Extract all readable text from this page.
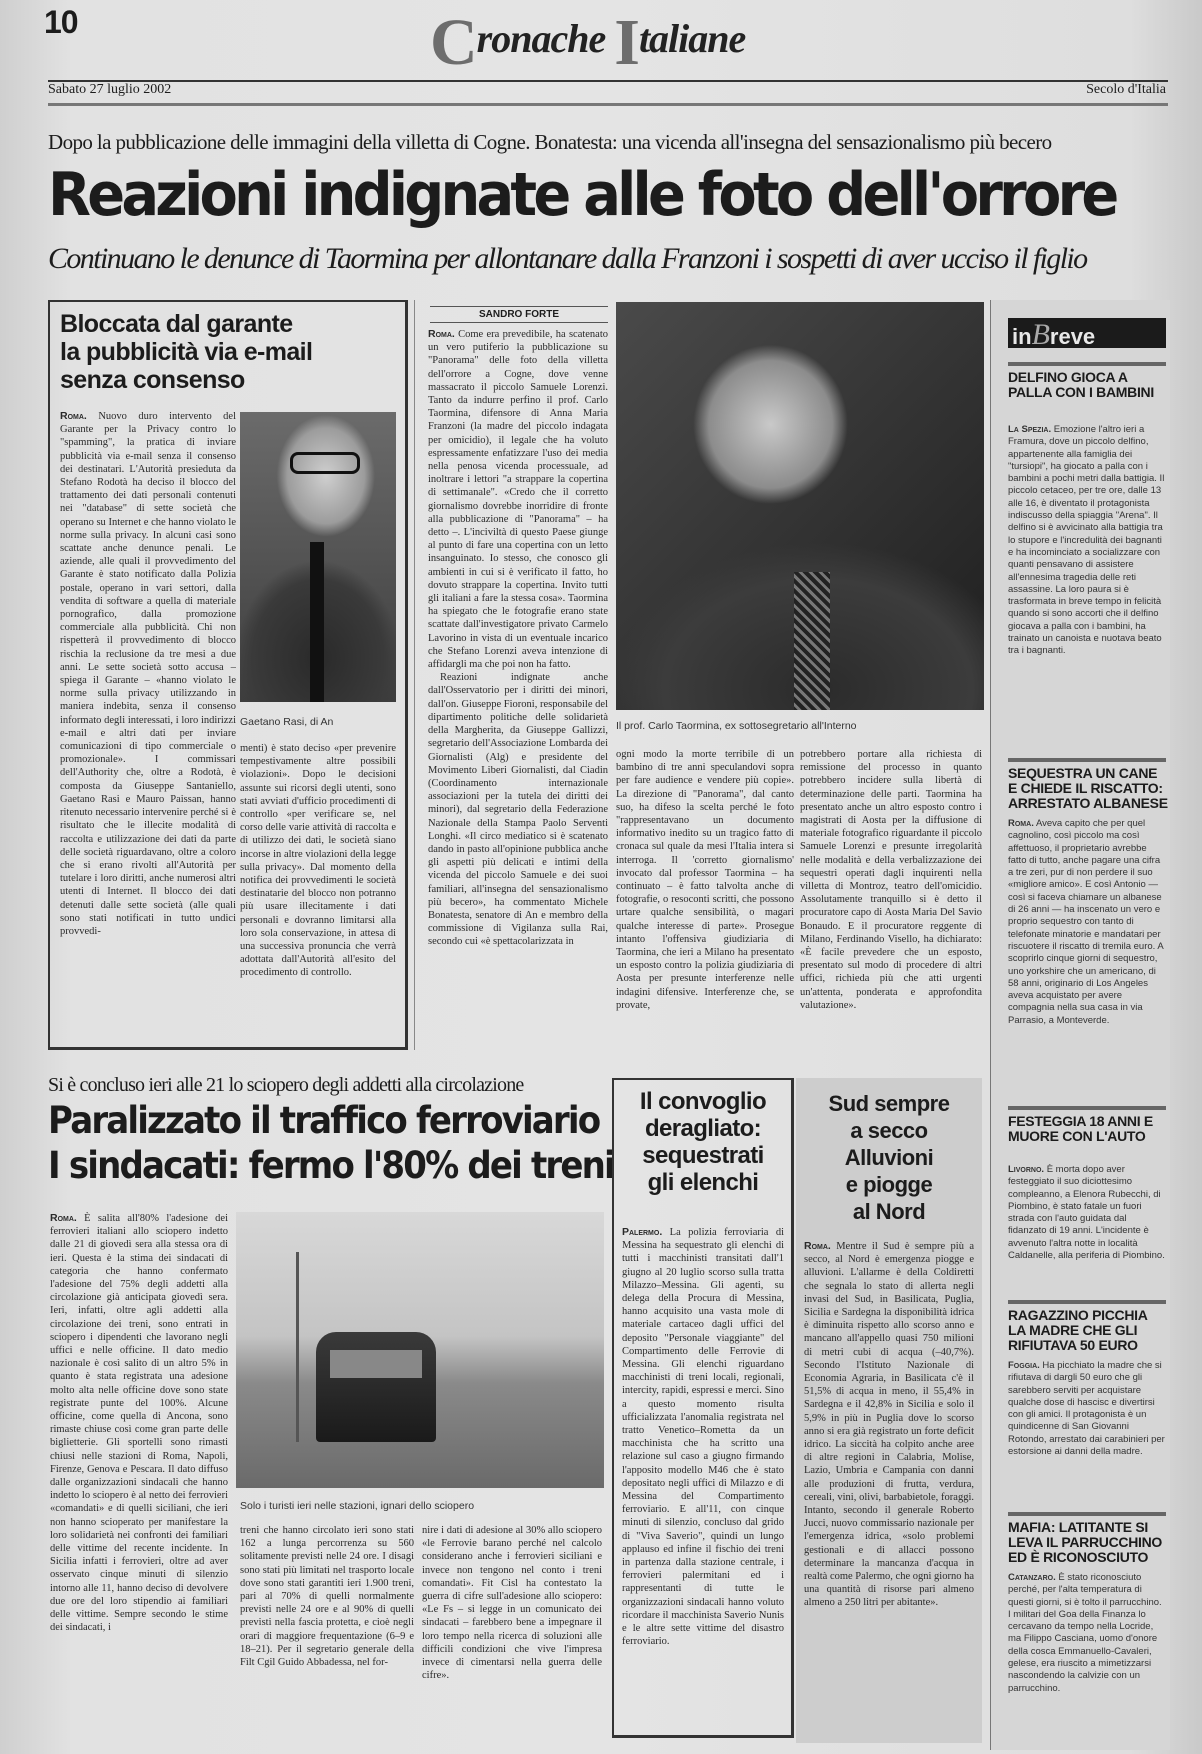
10	Cronache Italiane
Sabato 27 luglio 2002	Secolo d'Italia
Dopo la pubblicazione delle immagini della villetta di Cogne. Bonatesta: una vicenda all'insegna del sensazionalismo più becero
Reazioni indignate alle foto dell'orrore
Continuano le denunce di Taormina per allontanare dalla Franzoni i sospetti di aver ucciso il figlio
Bloccata dal garante
la pubblicità via e-mail
senza consenso

Roma. Nuovo duro intervento del Garante per la Privacy contro lo "spamming", la pratica di inviare pubblicità via e-mail senza il consenso dei destinatari. L'Autorità presieduta da Stefano Rodotà ha deciso il blocco del trattamento dei dati personali contenuti nei "database" di sette società che operano su Internet e che hanno violato le norme sulla privacy. In alcuni casi sono scattate anche denunce penali. Le aziende, alle quali il provvedimento del Garante è stato notificato dalla Polizia postale, operano in vari settori, dalla vendita di software a quella di materiale pornografico, dalla promozione commerciale alla pubblicità. Chi non rispetterà il provvedimento di blocco rischia la reclusione da tre mesi a due anni. Le sette società sotto accusa – spiega il Garante – «hanno violato le norme sulla privacy utilizzando in maniera indebita, senza il consenso informato degli interessati, i loro indirizzi e-mail e altri dati per inviare comunicazioni di tipo commerciale o promozionale». I commissari dell'Authority che, oltre a Rodotà, è composta da Giuseppe Santaniello, Gaetano Rasi e Mauro Paissan, hanno ritenuto necessario intervenire perché si è risultato che le illecite modalità di raccolta e utilizzazione dei dati da parte delle società riguardavano, oltre a coloro che si erano rivolti all'Autorità per tutelare i loro diritti, anche numerosi altri utenti di Internet. Il blocco dei dati detenuti dalle sette società (alle quali sono stati notificati in tutto undici provvedi-

Gaetano Rasi, di An
menti) è stato deciso «per prevenire tempestivamente altre possibili violazioni». Dopo le decisioni assunte sui ricorsi degli utenti, sono stati avviati d'ufficio procedimenti di controllo «per verificare se, nel corso delle varie attività di raccolta e di utilizzo dei dati, le società siano incorse in altre violazioni della legge sulla privacy». Dal momento della notifica dei provvedimenti le società destinatarie del blocco non potranno più usare illecitamente i dati personali e dovranno limitarsi alla loro sola conservazione, in attesa di una successiva pronuncia che verrà adottata dall'Autorità all'esito del procedimento di controllo.
SANDRO FORTE

Roma. Come era prevedibile, ha scatenato un vero putiferio la pubblicazione su "Panorama" delle foto della villetta dell'orrore a Cogne, dove venne massacrato il piccolo Samuele Lorenzi. Tanto da indurre perfino il prof. Carlo Taormina, difensore di Anna Maria Franzoni (la madre del piccolo indagata per omicidio), il legale che ha voluto espressamente enfatizzare l'uso dei media nella penosa vicenda processuale, ad inoltrare i lettori "a strappare la copertina di settimanale". «Credo che il corretto giornalismo dovrebbe inorridire di fronte alla pubblicazione di "Panorama" – ha detto –. L'inciviltà di questo Paese giunge al punto di fare una copertina con un letto insanguinato. Io stesso, che conosco gli ambienti in cui si è verificato il fatto, ho dovuto strappare la copertina. Invito tutti gli italiani a fare la stessa cosa». Taormina ha spiegato che le fotografie erano state scattate dall'investigatore privato Carmelo Lavorino in vista di un eventuale incarico che Stefano Lorenzi aveva intenzione di affidargli ma che poi non ha fatto.

Reazioni indignate anche dall'Osservatorio per i diritti dei minori, dall'on. Giuseppe Fioroni, responsabile del dipartimento politiche delle solidarietà della Margherita, da Giuseppe Gallizzi, segretario dell'Associazione Lombarda dei Giornalisti (Alg) e presidente del Movimento Liberi Giornalisti, dal Ciadin (Coordinamento internazionale associazioni per la tutela dei diritti dei minori), dal segretario della Federazione Nazionale della Stampa Paolo Serventi Longhi. «Il circo mediatico si è scatenato dando in pasto all'opinione pubblica anche gli aspetti più delicati e intimi della vicenda del piccolo Samuele e dei suoi familiari, all'insegna del sensazionalismo più becero», ha commentato Michele Bonatesta, senatore di An e membro della commissione di Vigilanza sulla Rai, secondo cui «è spettacolarizzata in

Il prof. Carlo Taormina, ex sottosegretario all'Interno
ogni modo la morte terribile di un bambino di tre anni speculandovi sopra per fare audience e vendere più copie». La direzione di "Panorama", dal canto suo, ha difeso la scelta perché le foto "rappresentavano un documento informativo inedito su un tragico fatto di cronaca sul quale da mesi l'Italia intera si interroga. Il 'corretto giornalismo' invocato dal professor Taormina – ha continuato – è fatto talvolta anche di fotografie, o resoconti scritti, che possono urtare qualche sensibilità, o magari qualche interesse di parte». Prosegue intanto l'offensiva giudiziaria di Taormina, che ieri a Milano ha presentato un esposto contro la polizia giudiziaria di Aosta per presunte interferenze nelle indagini difensive. Interferenze che, se provate,
potrebbero portare alla richiesta di remissione del processo in quanto potrebbero incidere sulla libertà di determinazione delle parti. Taormina ha presentato anche un altro esposto contro i magistrati di Aosta per la diffusione di materiale fotografico riguardante il piccolo Samuele Lorenzi e presunte irregolarità nelle modalità e della verbalizzazione dei sequestri operati dagli inquirenti nella villetta di Montroz, teatro dell'omicidio. Assolutamente tranquillo si è detto il procuratore capo di Aosta Maria Del Savio Bonaudo. E il procuratore reggente di Milano, Ferdinando Visello, ha dichiarato: «È facile prevedere che un esposto, presentato sul modo di procedere di altri uffici, richieda più che atti urgenti un'attenta, ponderata e approfondita valutazione».
inBreve
DELFINO GIOCA A PALLA CON I BAMBINI
La Spezia. Emozione l'altro ieri a Framura, dove un piccolo delfino, appartenente alla famiglia dei "tursiopi", ha giocato a palla con i bambini a pochi metri dalla battigia. Il piccolo cetaceo, per tre ore, dalle 13 alle 16, è diventato il protagonista indiscusso della spiaggia "Arena". Il delfino si è avvicinato alla battigia tra lo stupore e l'incredulità dei bagnanti e ha incominciato a socializzare con quanti pensavano di assistere all'ennesima tragedia delle reti assassine. La loro paura si è trasformata in breve tempo in felicità quando si sono accorti che il delfino giocava a palla con i bambini, ha trainato un canoista e nuotava beato tra i bagnanti.
SEQUESTRA UN CANE E CHIEDE IL RISCATTO: ARRESTATO ALBANESE
Roma. Aveva capito che per quel cagnolino, così piccolo ma così affettuoso, il proprietario avrebbe fatto di tutto, anche pagare una cifra a tre zeri, pur di non perdere il suo «migliore amico». E così Antonio — così si faceva chiamare un albanese di 26 anni — ha inscenato un vero e proprio sequestro con tanto di telefonate minatorie e mandatari per riscuotere il riscatto di tremila euro. A scoprirlo cinque giorni di sequestro, uno yorkshire che un americano, di 58 anni, originario di Los Angeles aveva acquistato per avere compagnia nella sua casa in via Parrasio, a Monteverde.
FESTEGGIA 18 ANNI E MUORE CON L'AUTO
Livorno. È morta dopo aver festeggiato il suo diciottesimo compleanno, a Elenora Rubecchi, di Piombino, è stato fatale un fuori strada con l'auto guidata dal fidanzato di 19 anni. L'incidente è avvenuto l'altra notte in località Caldanelle, alla periferia di Piombino.
RAGAZZINO PICCHIA LA MADRE CHE GLI RIFIUTAVA 50 EURO
Foggia. Ha picchiato la madre che si rifiutava di dargli 50 euro che gli sarebbero serviti per acquistare qualche dose di hascisc e divertirsi con gli amici. Il protagonista è un quindicenne di San Giovanni Rotondo, arrestato dai carabinieri per estorsione ai danni della madre.
MAFIA: LATITANTE SI LEVA IL PARRUCCHINO ED È RICONOSCIUTO
Catanzaro. È stato riconosciuto perché, per l'alta temperatura di questi giorni, si è tolto il parrucchino. I militari del Goa della Finanza lo cercavano da tempo nella Locride, ma Filippo Casciana, uomo d'onore della cosca Emmanuello-Cavaleri, gelese, era riuscito a mimetizzarsi nascondendo la calvizie con un parrucchino.
Si è concluso ieri alle 21 lo sciopero degli addetti alla circolazione
Paralizzato il traffico ferroviario
I sindacati: fermo l'80% dei treni

Roma. È salita all'80% l'adesione dei ferrovieri italiani allo sciopero indetto dalle 21 di giovedì sera alla stessa ora di ieri. Questa è la stima dei sindacati di categoria che hanno confermato l'adesione del 75% degli addetti alla circolazione già anticipata giovedì sera. Ieri, infatti, oltre agli addetti alla circolazione dei treni, sono entrati in sciopero i dipendenti che lavorano negli uffici e nelle officine. Il dato medio nazionale è così salito di un altro 5% in quanto è stata registrata una adesione molto alta nelle officine dove sono state registrate punte del 100%. Alcune officine, come quella di Ancona, sono rimaste chiuse così come gran parte delle biglietterie. Gli sportelli sono rimasti chiusi nelle stazioni di Roma, Napoli, Firenze, Genova e Pescara. Il dato diffuso dalle organizzazioni sindacali che hanno indetto lo sciopero è al netto dei ferrovieri «comandati» e di quelli siciliani, che ieri non hanno scioperato per manifestare la loro solidarietà nei confronti dei familiari delle vittime del recente incidente. In Sicilia infatti i ferrovieri, oltre ad aver osservato cinque minuti di silenzio intorno alle 11, hanno deciso di devolvere due ore del loro stipendio ai familiari delle vittime. Sempre secondo le stime dei sindacati, i

Solo i turisti ieri nelle stazioni, ignari dello sciopero
treni che hanno circolato ieri sono stati 162 a lunga percorrenza su 560 solitamente previsti nelle 24 ore. I disagi sono stati più limitati nel trasporto locale dove sono stati garantiti ieri 1.900 treni, pari al 70% di quelli normalmente previsti nelle 24 ore e al 90% di quelli previsti nella fascia protetta, e cioè negli orari di maggiore frequentazione (6–9 e 18–21). Per il segretario generale della Filt Cgil Guido Abbadessa, nel for-
nire i dati di adesione al 30% allo sciopero «le Ferrovie barano perché nel calcolo considerano anche i ferrovieri siciliani e invece non tengono nel conto i treni comandati». Fit Cisl ha contestato la guerra di cifre sull'adesione allo sciopero: «Le Fs – si legge in un comunicato dei sindacati – farebbero bene a impegnare il loro tempo nella ricerca di soluzioni alle difficili condizioni che vive l'impresa invece di cimentarsi nella guerra delle cifre».
Il convoglio
deragliato:
sequestrati
gli elenchi

Palermo. La polizia ferroviaria di Messina ha sequestrato gli elenchi di tutti i macchinisti transitati dall'1 giugno al 20 luglio scorso sulla tratta Milazzo–Messina. Gli agenti, su delega della Procura di Messina, hanno acquisito una vasta mole di materiale cartaceo dagli uffici del deposito "Personale viaggiante" del Compartimento delle Ferrovie di Messina. Gli elenchi riguardano macchinisti di treni locali, regionali, intercity, rapidi, espressi e merci. Sino a questo momento risulta ufficializzata l'anomalia registrata nel tratto Venetico–Rometta da un macchinista che ha scritto una relazione sul caso a giugno firmando l'apposito modello M46 che è stato depositato negli uffici di Milazzo e di Messina del Compartimento ferroviario. E all'11, con cinque minuti di silenzio, concluso dal grido di "Viva Saverio", quindi un lungo applauso ed infine il fischio dei treni in partenza dalla stazione centrale, i ferrovieri palermitani ed i rappresentanti di tutte le organizzazioni sindacali hanno voluto ricordare il macchinista Saverio Nunis e le altre sette vittime del disastro ferroviario.

Sud sempre
a secco
Alluvioni
e piogge
al Nord

Roma. Mentre il Sud è sempre più a secco, al Nord è emergenza piogge e alluvioni. L'allarme è della Coldiretti che segnala lo stato di allerta negli invasi del Sud, in Basilicata, Puglia, Sicilia e Sardegna la disponibilità idrica è diminuita rispetto allo scorso anno e mancano all'appello quasi 750 milioni di metri cubi di acqua (–40,7%). Secondo l'Istituto Nazionale di Economia Agraria, in Basilicata c'è il 51,5% di acqua in meno, il 55,4% in Sardegna e il 42,8% in Sicilia e solo il 5,9% in più in Puglia dove lo scorso anno si era già registrato un forte deficit idrico. La siccità ha colpito anche aree di altre regioni in Calabria, Molise, Lazio, Umbria e Campania con danni alle produzioni di frutta, verdura, cereali, vini, olivi, barbabietole, foraggi. Intanto, secondo il generale Roberto Jucci, nuovo commissario nazionale per l'emergenza idrica, «solo problemi gestionali e di allacci possono determinare la mancanza d'acqua in realtà come Palermo, che ogni giorno ha una quantità di risorse pari almeno almeno a 250 litri per abitante».
